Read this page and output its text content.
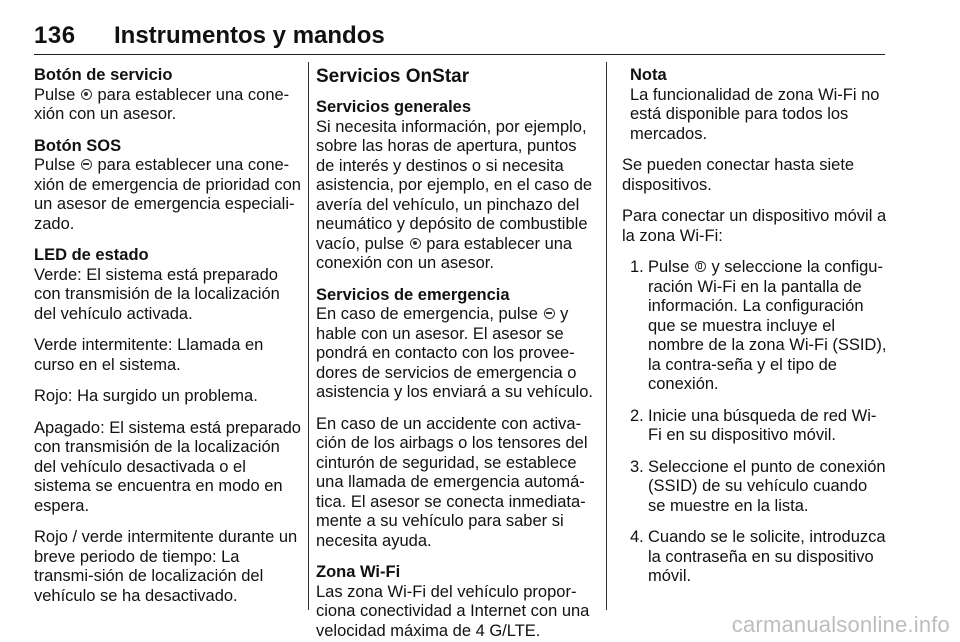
136 Instrumentos y mandos
Botón de servicio
Pulse para establecer una cone-xión con un asesor.
Botón SOS
Pulse para establecer una cone-xión de emergencia de prioridad con un asesor de emergencia especiali-zado.
LED de estado

Verde: El sistema está preparado con transmisión de la localización del vehículo activada.

Verde intermitente: Llamada en curso en el sistema.

Rojo: Ha surgido un problema.

Apagado: El sistema está preparado con transmisión de la localización del vehículo desactivada o el sistema se encuentra en modo en espera.

Rojo / verde intermitente durante un breve periodo de tiempo: La transmi-sión de localización del vehículo se ha desactivado.

Servicios OnStar
Servicios generales
Si necesita información, por ejemplo, sobre las horas de apertura, puntos de interés y destinos o si necesita asistencia, por ejemplo, en el caso de avería del vehículo, un pinchazo del neumático y depósito de combustible vacío, pulse para establecer una conexión con un asesor.
Servicios de emergencia

En caso de emergencia, pulse y hable con un asesor. El asesor se pondrá en contacto con los provee-dores de servicios de emergencia o asistencia y los enviará a su vehículo.

En caso de un accidente con activa-ción de los airbags o los tensores del cinturón de seguridad, se establece una llamada de emergencia automá-tica. El asesor se conecta inmediata-mente a su vehículo para saber si necesita ayuda.

Zona Wi-Fi
Las zona Wi-Fi del vehículo propor-ciona conectividad a Internet con una velocidad máxima de 4 G/LTE.
Nota
La funcionalidad de zona Wi-Fi no está disponible para todos los mercados.

Se pueden conectar hasta siete dispositivos.

Para conectar un dispositivo móvil a la zona Wi-Fi:

1. Pulse y seleccione la configu-ración Wi-Fi en la pantalla de información. La configuración que se muestra incluye el nombre de la zona Wi-Fi (SSID), la contra-seña y el tipo de conexión.
2. Inicie una búsqueda de red Wi-Fi en su dispositivo móvil.
3. Seleccione el punto de conexión (SSID) de su vehículo cuando se muestre en la lista.
4. Cuando se le solicite, introduzca la contraseña en su dispositivo móvil.
carmanualsonline.info
